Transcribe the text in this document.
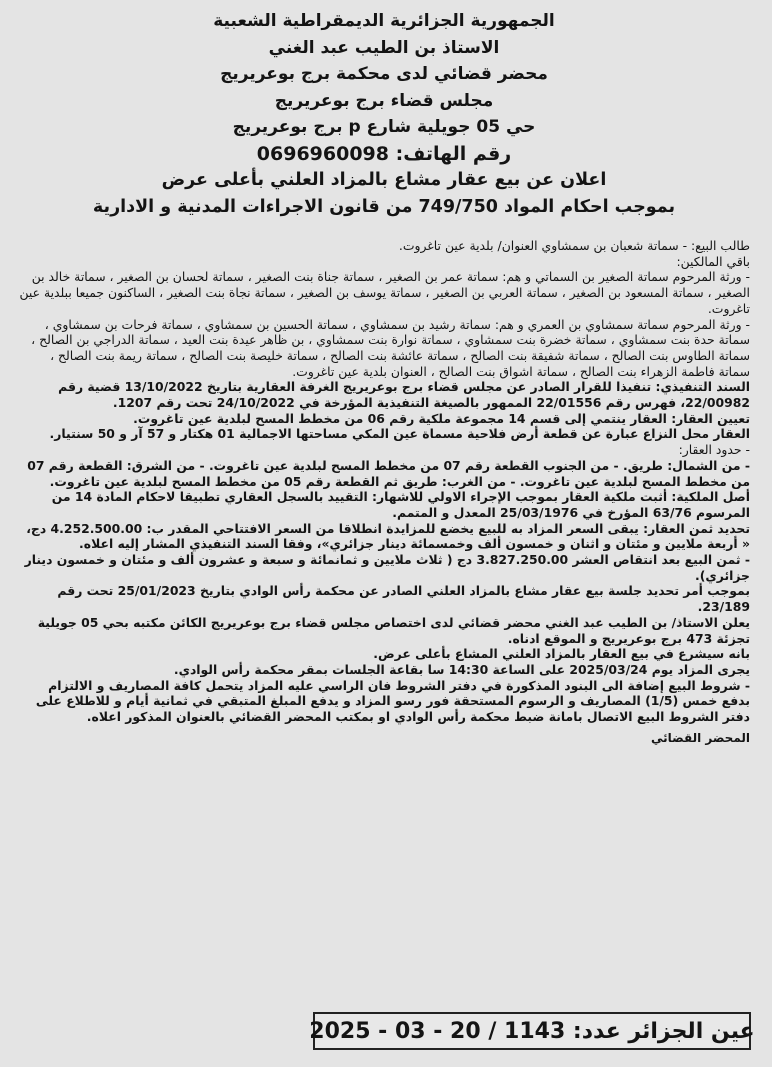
الجمهورية الجزائرية الديمقراطية الشعبية
الاستاذ بن الطيب عبد الغني
محضر قضائي لدى محكمة برج بوعريريج
مجلس قضاء برج بوعريريج
حي 05 جويلية شارع p برج بوعريريج
رقم الهاتف: 0696960098
اعلان عن بيع عقار مشاع بالمزاد العلني بأعلى عرض
بموجب احكام المواد 749/750 من قانون الاجراءات المدنية و الادارية

طالب البيع: - سماتة شعبان بن سمشاوي العنوان/ بلدية عين تاغروت.

باقي المالكين:

- ورثة المرحوم سماتة الصغير بن السماتي و هم: سماتة عمر بن الصغير ، سماتة جناة بنت الصغير ، سماتة لحسان بن الصغير ، سماتة خالد بن الصغير ، سماتة المسعود بن الصغير ، سماتة العربي بن الصغير ، سماتة يوسف بن الصغير ، سماتة نجاة بنت الصغير ، الساكنون جميعا ببلدية عين تاغروت.

- ورثة المرحوم سماتة سمشاوي بن العمري و هم: سماتة رشيد بن سمشاوي ، سماتة الحسين بن سمشاوي ، سماتة فرحات بن سمشاوي ، سماتة حدة بنت سمشاوي ، سماتة خضرة بنت سمشاوي ، سماتة نوارة بنت سمشاوي ، بن ظاهر عيدة بنت العيد ، سماتة الدراجي بن الصالح ، سماتة الطاوس بنت الصالح ، سماتة شفيقة بنت الصالح ، سماتة عائشة بنت الصالح ، سماتة خليصة بنت الصالح ، سماتة ريمة بنت الصالح ، سماتة فاطمة الزهراء بنت الصالح ، سماتة اشواق بنت الصالح ، العنوان بلدية عين تاغروت.

السند التنفيذي: تنفيذا للقرار الصادر عن مجلس قضاء برج بوعريريج الغرفة العقارية بتاريخ 13/10/2022 قضية رقم 22/00982، فهرس رقم 22/01556 الممهور بالصيغة التنفيذية المؤرخة في 24/10/2022 تحت رقم 1207.

تعيين العقار: العقار ينتمي إلى قسم 14 مجموعة ملكية رقم 06 من مخطط المسح لبلدية عين تاغروت.

العقار محل النزاع عبارة عن قطعة أرض فلاحية مسماة عين المكي مساحتها الاجمالية 01 هكتار و 57 آر و 50 سنتيار.

- حدود العقار:

- من الشمال: طريق. - من الجنوب القطعة رقم 07 من مخطط المسح لبلدية عين تاغروت. - من الشرق: القطعة رقم 07 من مخطط المسح لبلدية عين تاغروت. - من الغرب: طريق ثم القطعة رقم 05 من مخطط المسح لبلدية عين تاغروت.

أصل الملكية: أثبت ملكية العقار بموجب الإجراء الاولي للاشهار: التقييد بالسجل العقاري تطبيقا لاحكام المادة 14 من المرسوم 63/76 المؤرخ في 25/03/1976 المعدل و المتمم.

تحديد ثمن العقار: يبقى السعر المزاد به للبيع يخضع للمزايدة انطلاقا من السعر الافتتاحي المقدر ب: 4.252.500.00 دج، « أربعة ملايين و مئتان و اثنان و خمسون ألف وخمسمائة دينار جزائري»، وفقا السند التنفيذي المشار إليه اعلاه.

- ثمن البيع بعد انتقاص العشر 3.827.250.00 دج ( ثلاث ملايين و ثمانمائة و سبعة و عشرون ألف و مئتان و خمسون دينار جزائري).

بموجب أمر تحديد جلسة بيع عقار مشاع بالمزاد العلني الصادر عن محكمة رأس الوادي بتاريخ 25/01/2023 تحت رقم 23/189.

يعلن الاستاذ/ بن الطيب عبد الغني محضر قضائي لدى اختصاص مجلس قضاء برج بوعريريج الكائن مكتبه بحي 05 جويلية تجزئة 473 برج بوعريريج و الموقع ادناه.

بانه سيشرع في بيع العقار بالمزاد العلني المشاع بأعلى عرض.

يجرى المزاد يوم 2025/03/24 على الساعة 14:30 سا بقاعة الجلسات بمقر محكمة رأس الوادي.

- شروط البيع إضافة الى البنود المذكورة في دفتر الشروط فان الراسي عليه المزاد يتحمل كافة المصاريف و الالتزام بدفع خمس (1/5) المصاريف و الرسوم المستحقة فور رسو المزاد و يدفع المبلغ المتبقي في ثمانية أيام و للاطلاع على دفتر الشروط البيع الاتصال بامانة ضبط محكمة رأس الوادي او بمكتب المحضر القضائي بالعنوان المذكور اعلاه.

المحضر القضائي
عين الجزائر عدد: 1143 / 20 - 03 - 2025
